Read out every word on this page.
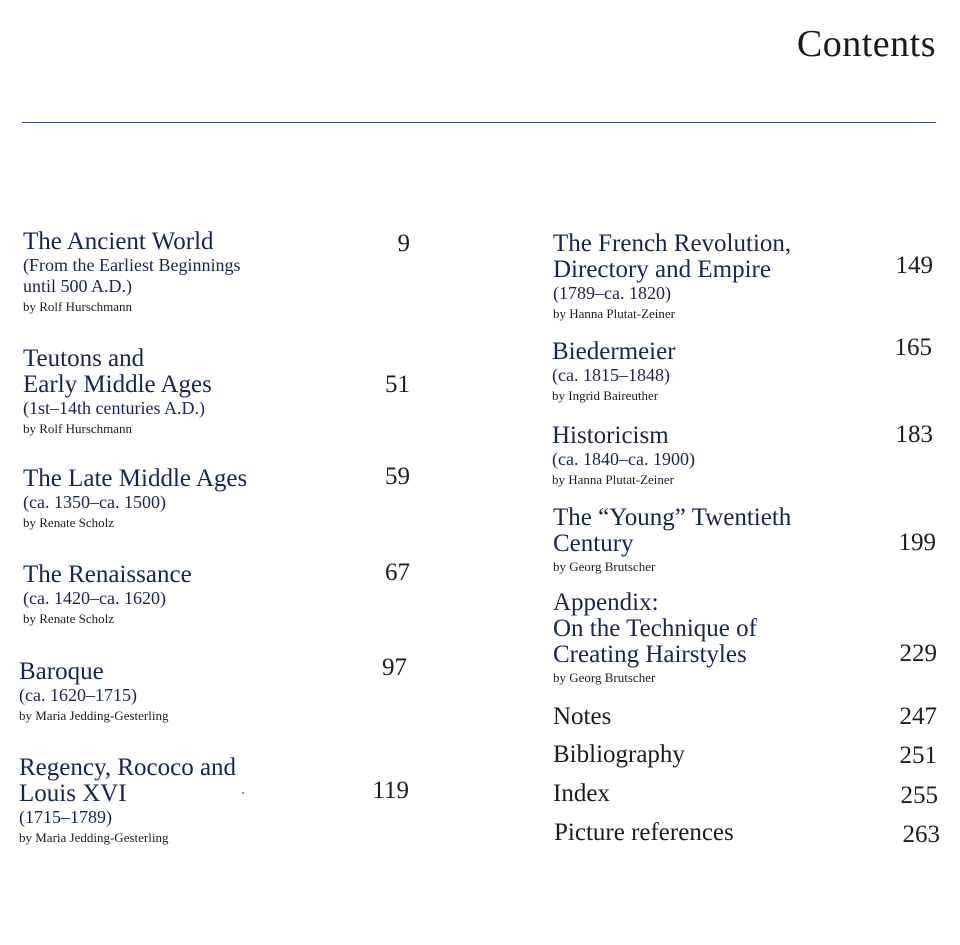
Contents
The Ancient World
(From the Earliest Beginnings
until 500 A.D.)
by Rolf Hurschmann
9
Teutons and
Early Middle Ages
(1st–14th centuries A.D.)
by Rolf Hurschmann
51
The Late Middle Ages
(ca. 1350–ca. 1500)
by Renate Scholz
59
The Renaissance
(ca. 1420–ca. 1620)
by Renate Scholz
67
Baroque
(ca. 1620–1715)
by Maria Jedding-Gesterling
97
Regency, Rococo and
Louis XVI
(1715–1789)
by Maria Jedding-Gesterling
119
The French Revolution,
Directory and Empire
(1789–ca. 1820)
by Hanna Plutat-Zeiner
149
Biedermeier
(ca. 1815–1848)
by Ingrid Baireuther
165
Historicism
(ca. 1840–ca. 1900)
by Hanna Plutat-Zeiner
183
The “Young” Twentieth
Century
by Georg Brutscher
199
Appendix:
On the Technique of
Creating Hairstyles
by Georg Brutscher
229
Notes	247
Bibliography	251
Index	255
Picture references	263
